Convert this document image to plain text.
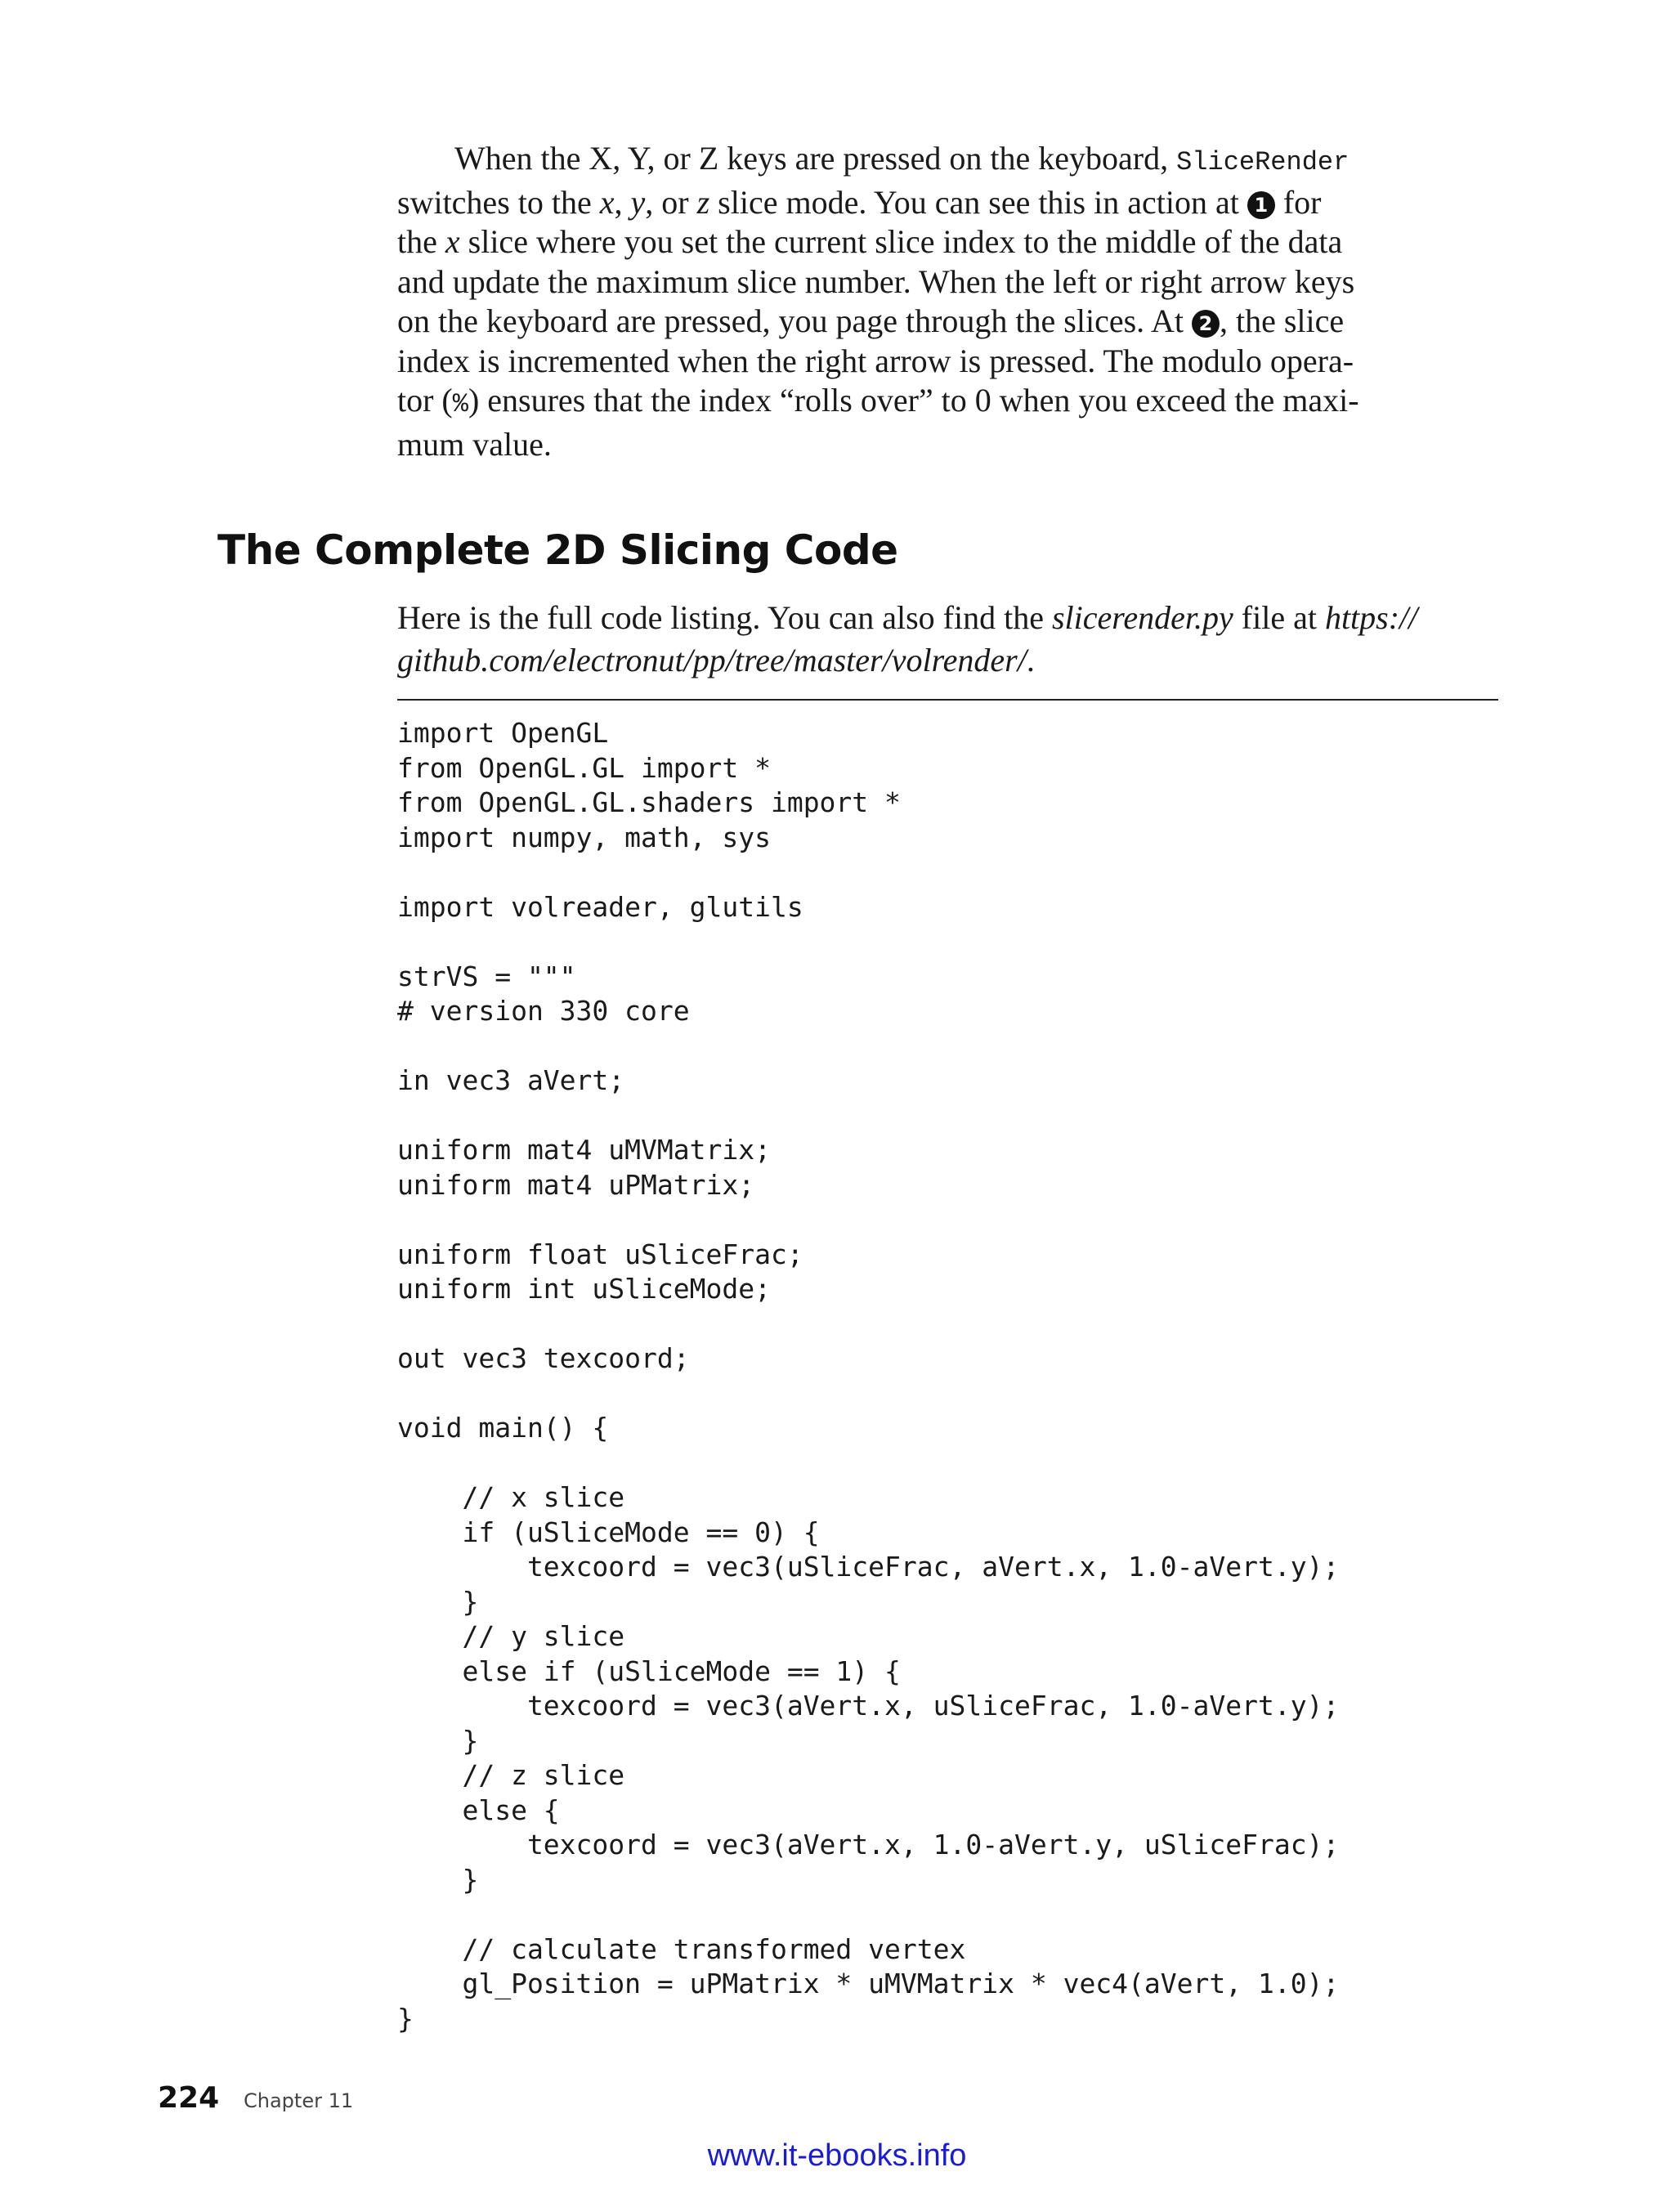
When the X, Y, or Z keys are pressed on the keyboard, SliceRender
switches to the x, y, or z slice mode. You can see this in action at 1 for
the x slice where you set the current slice index to the middle of the data
and update the maximum slice number. When the left or right arrow keys
on the keyboard are pressed, you page through the slices. At 2 , the slice
index is incremented when the right arrow is pressed. The modulo opera-
tor (%) ensures that the index “rolls over” to 0 when you exceed the maxi-
mum value.

The Complete 2D Slicing Code

Here is the full code listing. You can also find the slicerender.py file at https://
github.com/electronut/pp/tree/master/volrender/.

import OpenGL
from OpenGL.GL import *
from OpenGL.GL.shaders import *
import numpy, math, sys
import volreader, glutils
strVS = """
# version 330 core
in vec3 aVert;
uniform mat4 uMVMatrix;
uniform mat4 uPMatrix;
uniform float uSliceFrac;
uniform int uSliceMode;
out vec3 texcoord;
void main() {
// x slice
if (uSliceMode == 0) {
texcoord = vec3(uSliceFrac, aVert.x, 1.0-aVert.y);
}
// y slice
else if (uSliceMode == 1) {
texcoord = vec3(aVert.x, uSliceFrac, 1.0-aVert.y);
}
// z slice
else {
texcoord = vec3(aVert.x, 1.0-aVert.y, uSliceFrac);
}
// calculate transformed vertex
gl_Position = uPMatrix * uMVMatrix * vec4(aVert, 1.0);
}
224 Chapter 11
www.it-ebooks.info
